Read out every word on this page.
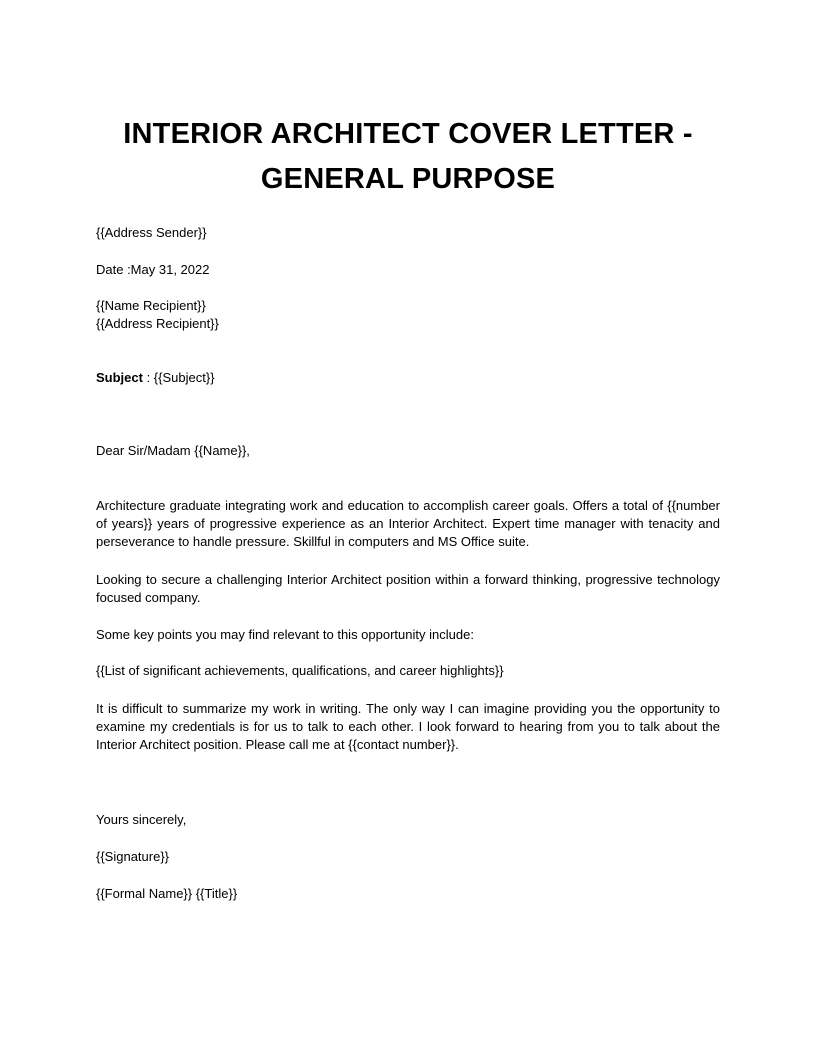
INTERIOR ARCHITECT COVER LETTER -
GENERAL PURPOSE
{{Address Sender}}
Date :May 31, 2022
{{Name Recipient}}
{{Address Recipient}}
Subject : {{Subject}}
Dear Sir/Madam {{Name}},
Architecture graduate integrating work and education to accomplish career goals. Offers a total of {{number of years}} years of progressive experience as an Interior Architect. Expert time manager with tenacity and perseverance to handle pressure. Skillful in computers and MS Office suite.
Looking to secure a challenging Interior Architect position within a forward thinking, progressive technology focused company.
Some key points you may find relevant to this opportunity include:
{{List of significant achievements, qualifications, and career highlights}}
It is difficult to summarize my work in writing. The only way I can imagine providing you the opportunity to examine my credentials is for us to talk to each other. I look forward to hearing from you to talk about the Interior Architect position. Please call me at {{contact number}}.
Yours sincerely,
{{Signature}}
{{Formal Name}} {{Title}}
